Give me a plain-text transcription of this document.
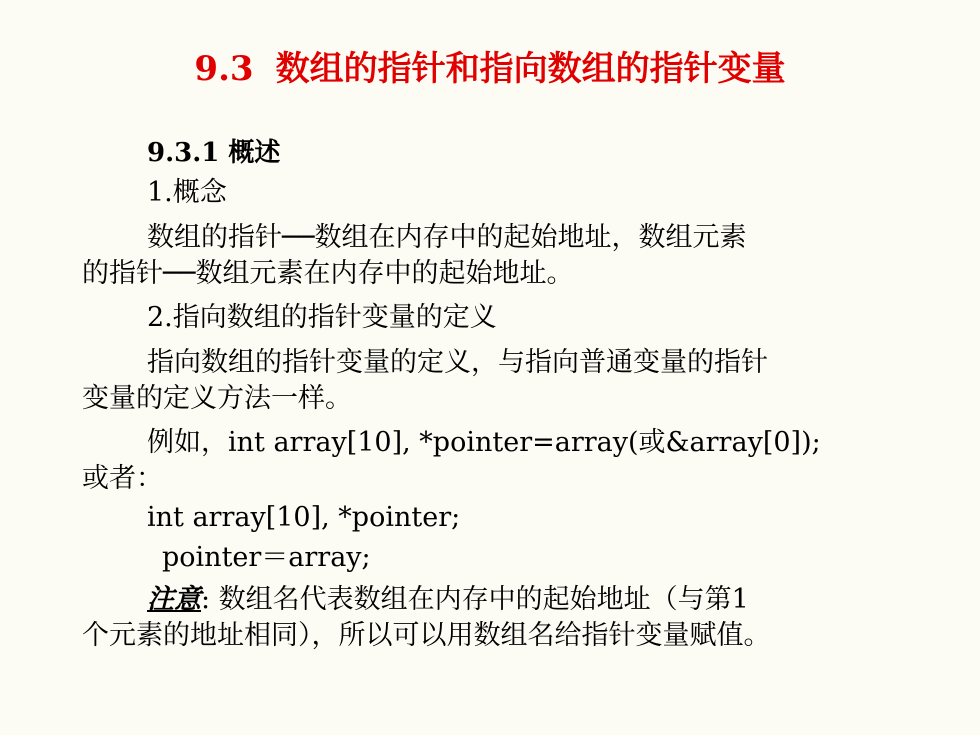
9.3 数组的指针和指向数组的指针变量
9.3.1 概述
1.概念
数组的指针──数组在内存中的起始地址，数组元素
的指针──数组元素在内存中的起始地址。
2.指向数组的指针变量的定义
指向数组的指针变量的定义，与指向普通变量的指针
变量的定义方法一样。
例如，int array[10], *pointer=array(或&array[0]);
或者：
int array[10], *pointer;
pointer＝array;
注意: 数组名代表数组在内存中的起始地址（与第1
个元素的地址相同），所以可以用数组名给指针变量赋值。
